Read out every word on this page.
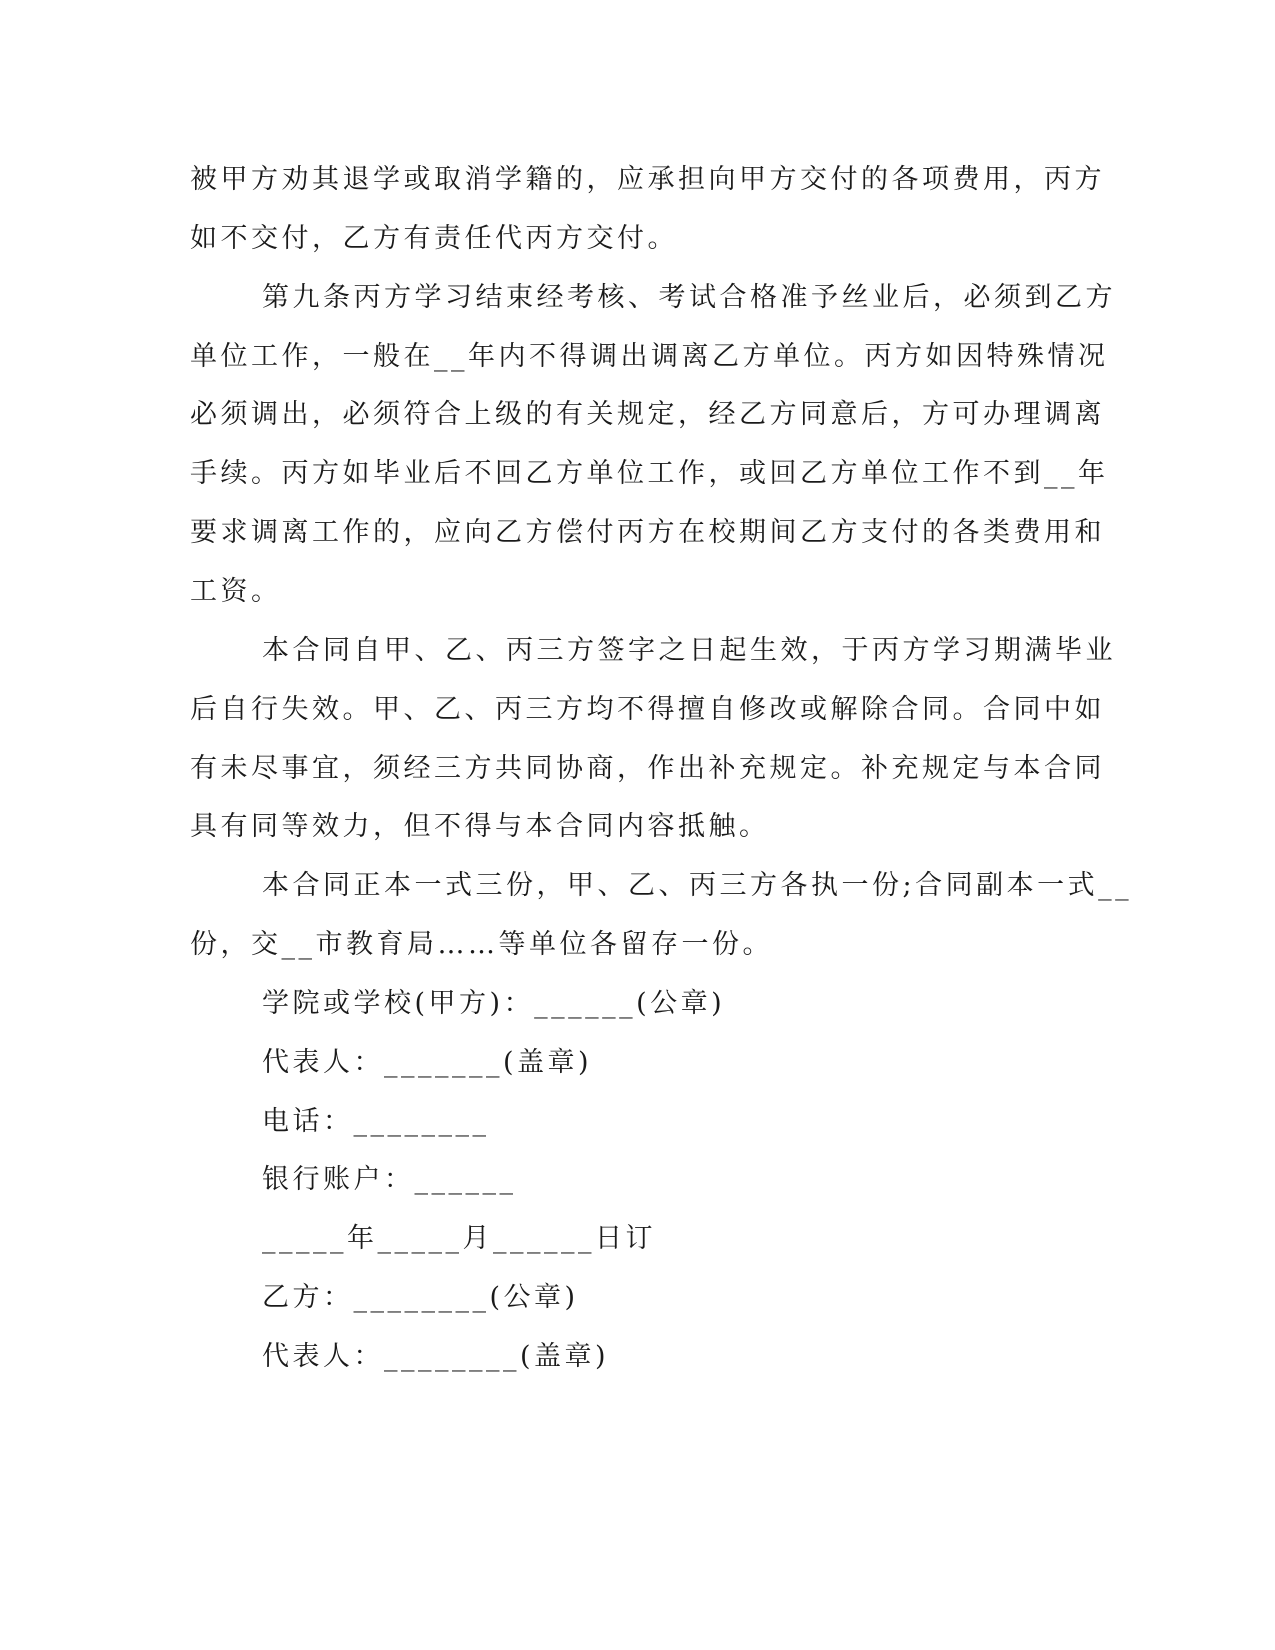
被甲方劝其退学或取消学籍的，应承担向甲方交付的各项费用，丙方
如不交付，乙方有责任代丙方交付。
第九条丙方学习结束经考核、考试合格准予丝业后，必须到乙方
单位工作，一般在__年内不得调出调离乙方单位。丙方如因特殊情况
必须调出，必须符合上级的有关规定，经乙方同意后，方可办理调离
手续。丙方如毕业后不回乙方单位工作，或回乙方单位工作不到__年
要求调离工作的，应向乙方偿付丙方在校期间乙方支付的各类费用和
工资。
本合同自甲、乙、丙三方签字之日起生效，于丙方学习期满毕业
后自行失效。甲、乙、丙三方均不得擅自修改或解除合同。合同中如
有未尽事宜，须经三方共同协商，作出补充规定。补充规定与本合同
具有同等效力，但不得与本合同内容抵触。
本合同正本一式三份，甲、乙、丙三方各执一份;合同副本一式__
份，交__市教育局……等单位各留存一份。
学院或学校(甲方)：______(公章)
代表人：_______(盖章)
电话：________
银行账户：______
_____年_____月______日订
乙方：________(公章)
代表人：________(盖章)
